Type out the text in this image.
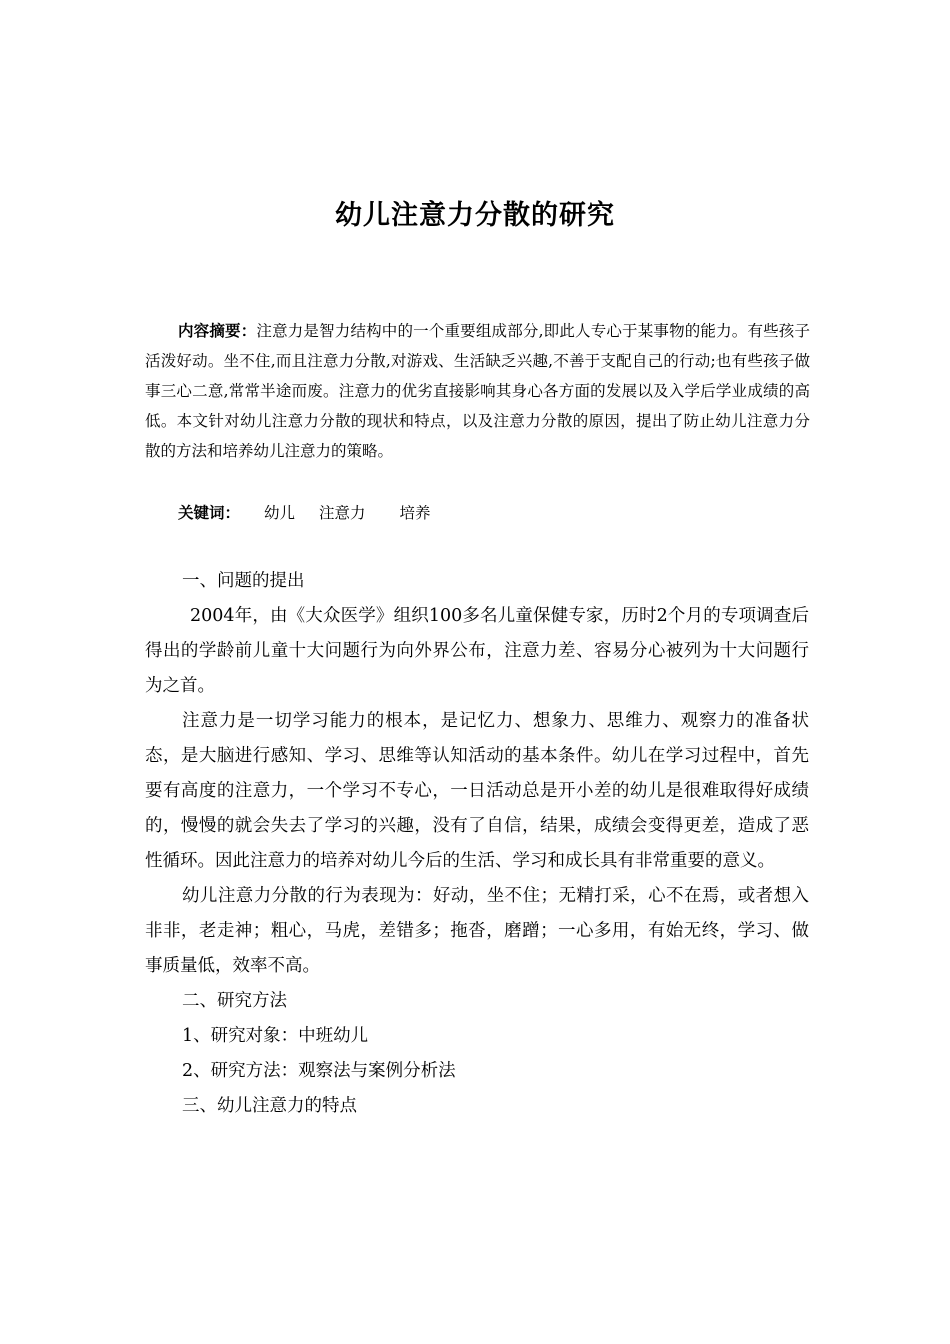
幼儿注意力分散的研究

内容摘要：注意力是智力结构中的一个重要组成部分,即此人专心于某事物的能力。有些孩子活泼好动。坐不住,而且注意力分散,对游戏、生活缺乏兴趣,不善于支配自己的行动;也有些孩子做事三心二意,常常半途而废。注意力的优劣直接影响其身心各方面的发展以及入学后学业成绩的高低。本文针对幼儿注意力分散的现状和特点，以及注意力分散的原因，提出了防止幼儿注意力分散的方法和培养幼儿注意力的策略。

关键词： 幼儿 注意力 培养

一、问题的提出

2004年，由《大众医学》组织100多名儿童保健专家，历时2个月的专项调查后得出的学龄前儿童十大问题行为向外界公布，注意力差、容易分心被列为十大问题行为之首。

注意力是一切学习能力的根本，是记忆力、想象力、思维力、观察力的准备状态，是大脑进行感知、学习、思维等认知活动的基本条件。幼儿在学习过程中，首先要有高度的注意力，一个学习不专心，一日活动总是开小差的幼儿是很难取得好成绩的，慢慢的就会失去了学习的兴趣，没有了自信，结果，成绩会变得更差，造成了恶性循环。因此注意力的培养对幼儿今后的生活、学习和成长具有非常重要的意义。

幼儿注意力分散的行为表现为：好动，坐不住；无精打采，心不在焉，或者想入非非，老走神；粗心，马虎，差错多；拖沓，磨蹭；一心多用，有始无终，学习、做事质量低，效率不高。

二、研究方法

1、研究对象：中班幼儿

2、研究方法：观察法与案例分析法

三、幼儿注意力的特点
